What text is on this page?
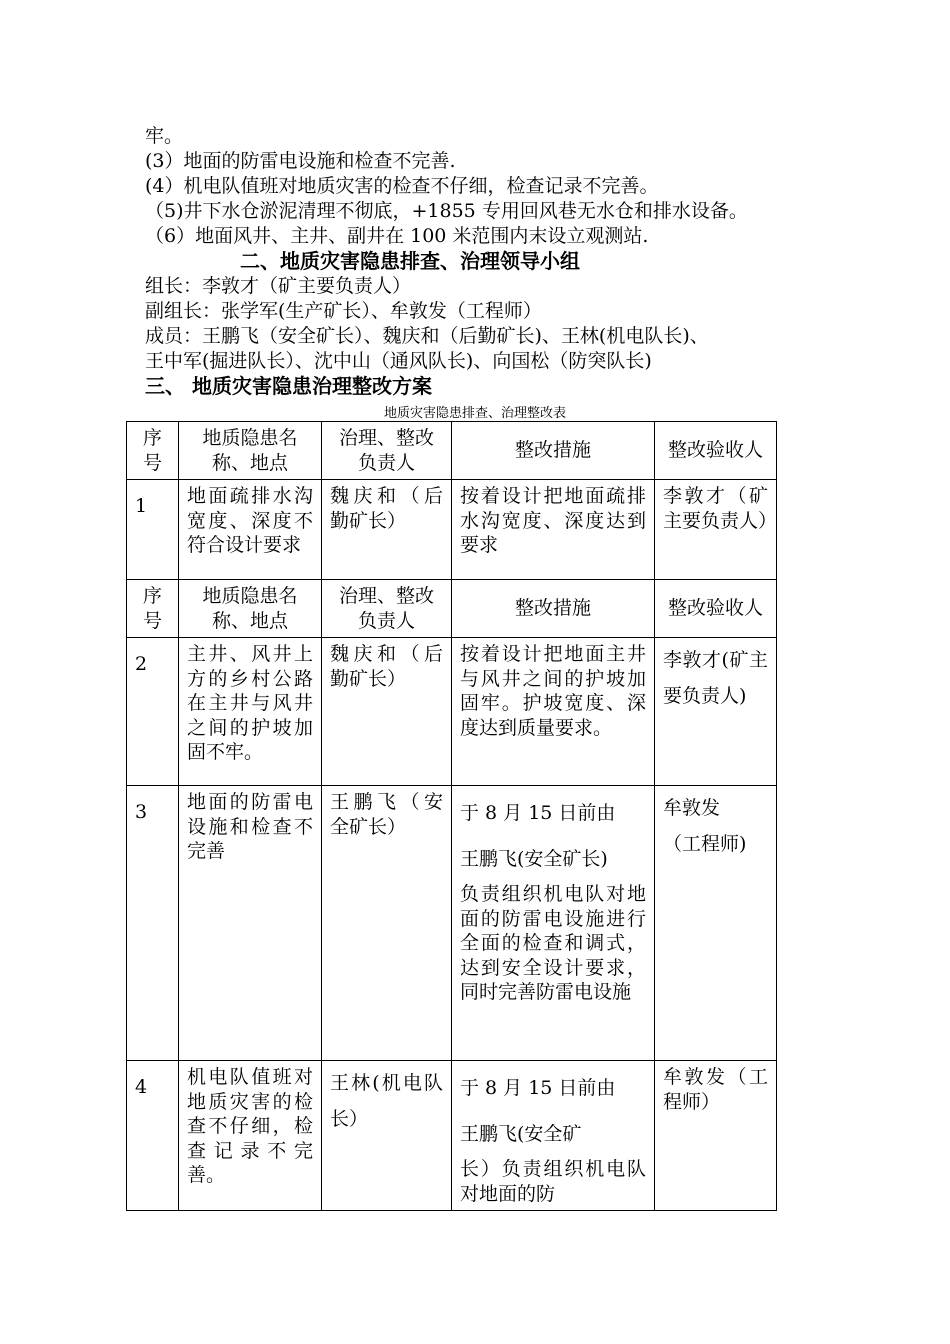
牢。
(3）地面的防雷电设施和检查不完善.
(4）机电队值班对地质灾害的检查不仔细，检查记录不完善。
（5)井下水仓淤泥清理不彻底，+1855 专用回风巷无水仓和排水设备。
（6）地面风井、主井、副井在 100 米范围内末设立观测站.
二、地质灾害隐患排查、治理领导小组
组长：李敦才（矿主要负责人）
副组长：张学军(生产矿长）、牟敦发（工程师）
成员：王鹏飞（安全矿长）、魏庆和（后勤矿长)、王林(机电队长)、
王中军(掘进队长）、沈中山（通风队长)、向国松（防突队长)
三、 地质灾害隐患治理整改方案
地质灾害隐患排查、治理整改表
序号	地质隐患名称、地点	治理、整改负责人	整改措施	整改验收人
1	地面疏排水沟宽度、深度不符合设计要求	魏庆和（后勤矿长）	按着设计把地面疏排水沟宽度、深度达到要求	李敦才（矿主要负责人）
序号	地质隐患名称、地点	治理、整改负责人	整改措施	整改验收人
2	主井、风井上方的乡村公路在主井与风井之间的护坡加固不牢。	魏庆和（后勤矿长）	按着设计把地面主井与风井之间的护坡加固牢。护坡宽度、深度达到质量要求。	李敦才(矿主要负责人)
3	地面的防雷电设施和检查不完善	王鹏飞（安全矿长）	于 8 月 15 日前由
王鹏飞(安全矿长)
负责组织机电队对地面的防雷电设施进行全面的检查和调式，达到安全设计要求，同时完善防雷电设施	牟敦发
（工程师)

4	机电队值班对地质灾害的检查不仔细，检查记录不完善。	王林(机电队长）	于 8 月 15 日前由
王鹏飞(安全矿
长）负责组织机电队对地面的防	牟敦发（工程师）
